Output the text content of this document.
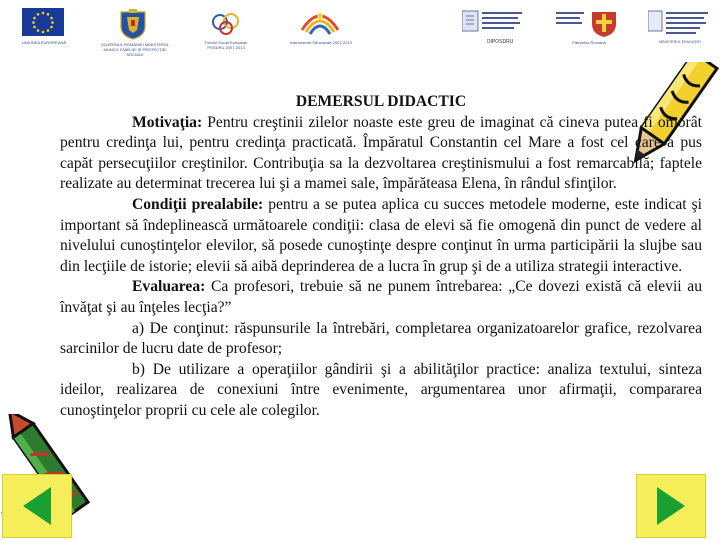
UNIUNEA EUROPEANĂ	GUVERNUL ROMÂNIEI MINISTERUL MUNCII, FAMILIEI ŞI PROTECŢIEI SOCIALE
Fondul Social European POSDRU 2007-2013
Instrumente Structurale 2007-2013	OIPOSDRU	Patriarhia Română	MINISTERUL EDUCAŢIEI
DEMERSUL DIDACTIC

Motivaţia: Pentru creştinii zilelor noaste este greu de imaginat că cineva putea fi omorât pentru credinţa lui, pentru credinţa practicată. Împăratul Constantin cel Mare a fost cel care a pus capăt persecuţiilor creştinilor. Contribuţia sa la dezvoltarea creştinismului a fost remarcabilă; faptele realizate au determinat trecerea lui şi a mamei sale, împărăteasa Elena, în rândul sfinţilor.

Condiţii prealabile: pentru a se putea aplica cu succes metodele moderne, este indicat şi important să îndeplinească următoarele condiţii: clasa de elevi să fie omogenă din punct de vedere al nivelului cunoştinţelor elevilor, să posede cunoştinţe despre conţinut în urma participării la slujbe sau din lecţiile de istorie; elevii să aibă deprinderea de a lucra în grup şi de a utiliza strategii interactive.

Evaluarea: Ca profesori, trebuie să ne punem întrebarea: „Ce dovezi există că elevii au învăţat şi au înţeles lecţia?”

a) De conţinut: răspunsurile la întrebări, completarea organizatoarelor grafice, rezolvarea sarcinilor de lucru date de profesor;

b) De utilizare a operaţiilor gândirii şi a abilităţilor practice: analiza textului, sinteza ideilor, realizarea de conexiuni între evenimente, argumentarea unor afirmaţii, compararea cunoştinţelor proprii cu cele ale colegilor.
